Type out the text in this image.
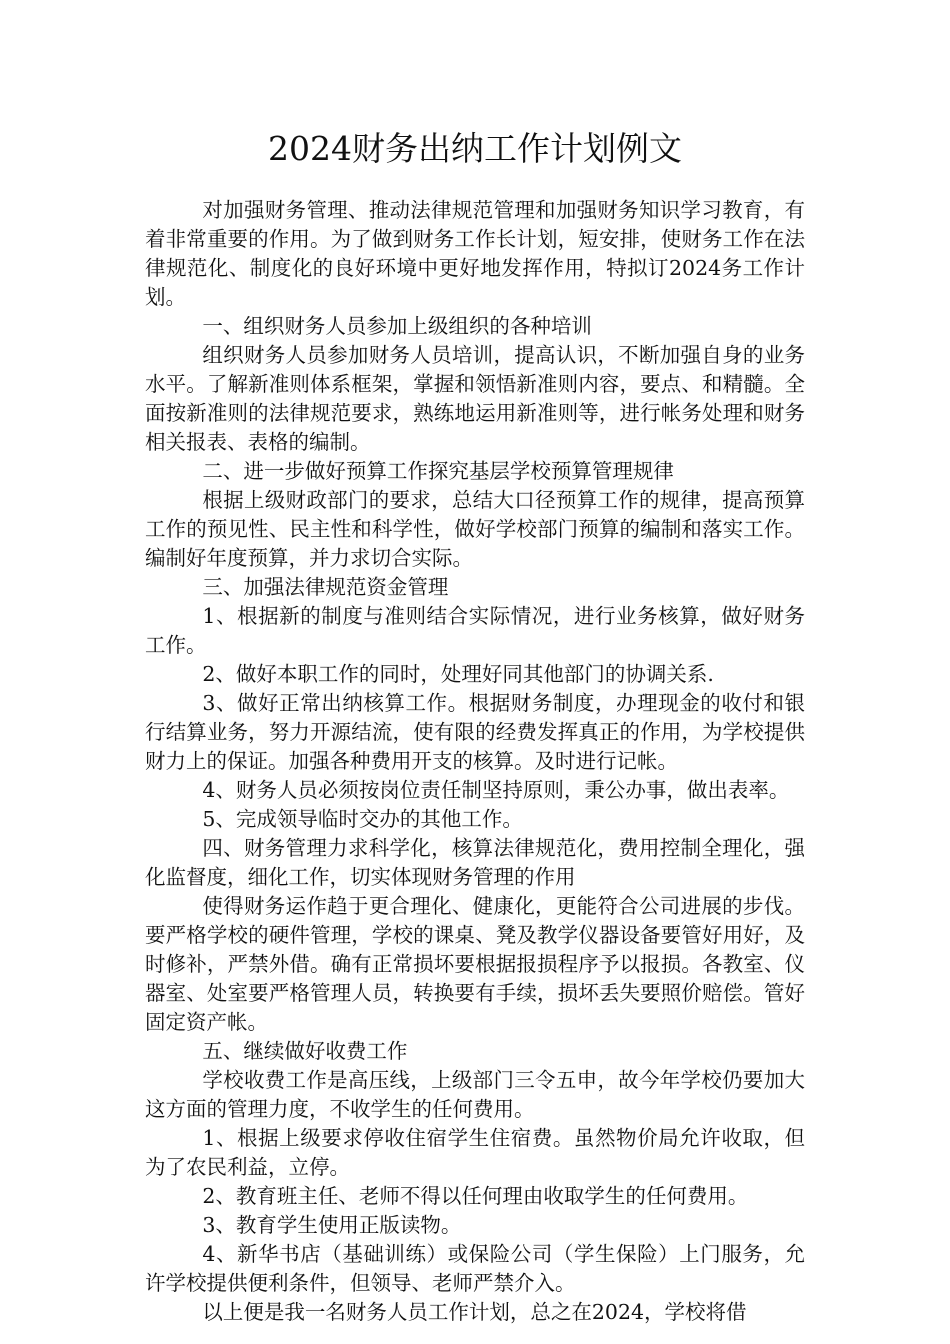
2024财务出纳工作计划例文

对加强财务管理、推动法律规范管理和加强财务知识学习教育，有着非常重要的作用。为了做到财务工作长计划，短安排，使财务工作在法律规范化、制度化的良好环境中更好地发挥作用，特拟订2024务工作计划。

一、组织财务人员参加上级组织的各种培训

组织财务人员参加财务人员培训，提高认识，不断加强自身的业务水平。了解新准则体系框架，掌握和领悟新准则内容，要点、和精髓。全面按新准则的法律规范要求，熟练地运用新准则等，进行帐务处理和财务相关报表、表格的编制。

二、进一步做好预算工作探究基层学校预算管理规律

根据上级财政部门的要求，总结大口径预算工作的规律，提高预算工作的预见性、民主性和科学性，做好学校部门预算的编制和落实工作。编制好年度预算，并力求切合实际。

三、加强法律规范资金管理

1、根据新的制度与准则结合实际情况，进行业务核算，做好财务工作。

2、做好本职工作的同时，处理好同其他部门的协调关系.

3、做好正常出纳核算工作。根据财务制度，办理现金的收付和银行结算业务，努力开源结流，使有限的经费发挥真正的作用，为学校提供财力上的保证。加强各种费用开支的核算。及时进行记帐。

4、财务人员必须按岗位责任制坚持原则，秉公办事，做出表率。

5、完成领导临时交办的其他工作。

四、财务管理力求科学化，核算法律规范化，费用控制全理化，强化监督度，细化工作，切实体现财务管理的作用

使得财务运作趋于更合理化、健康化，更能符合公司进展的步伐。要严格学校的硬件管理，学校的课桌、凳及教学仪器设备要管好用好，及时修补，严禁外借。确有正常损坏要根据报损程序予以报损。各教室、仪器室、处室要严格管理人员，转换要有手续，损坏丢失要照价赔偿。管好固定资产帐。

五、继续做好收费工作

学校收费工作是高压线，上级部门三令五申，故今年学校仍要加大这方面的管理力度，不收学生的任何费用。

1、根据上级要求停收住宿学生住宿费。虽然物价局允许收取，但为了农民利益，立停。

2、教育班主任、老师不得以任何理由收取学生的任何费用。

3、教育学生使用正版读物。

4、新华书店（基础训练）或保险公司（学生保险）上门服务，允许学校提供便利条件，但领导、老师严禁介入。

以上便是我一名财务人员工作计划，总之在2024，学校将借
